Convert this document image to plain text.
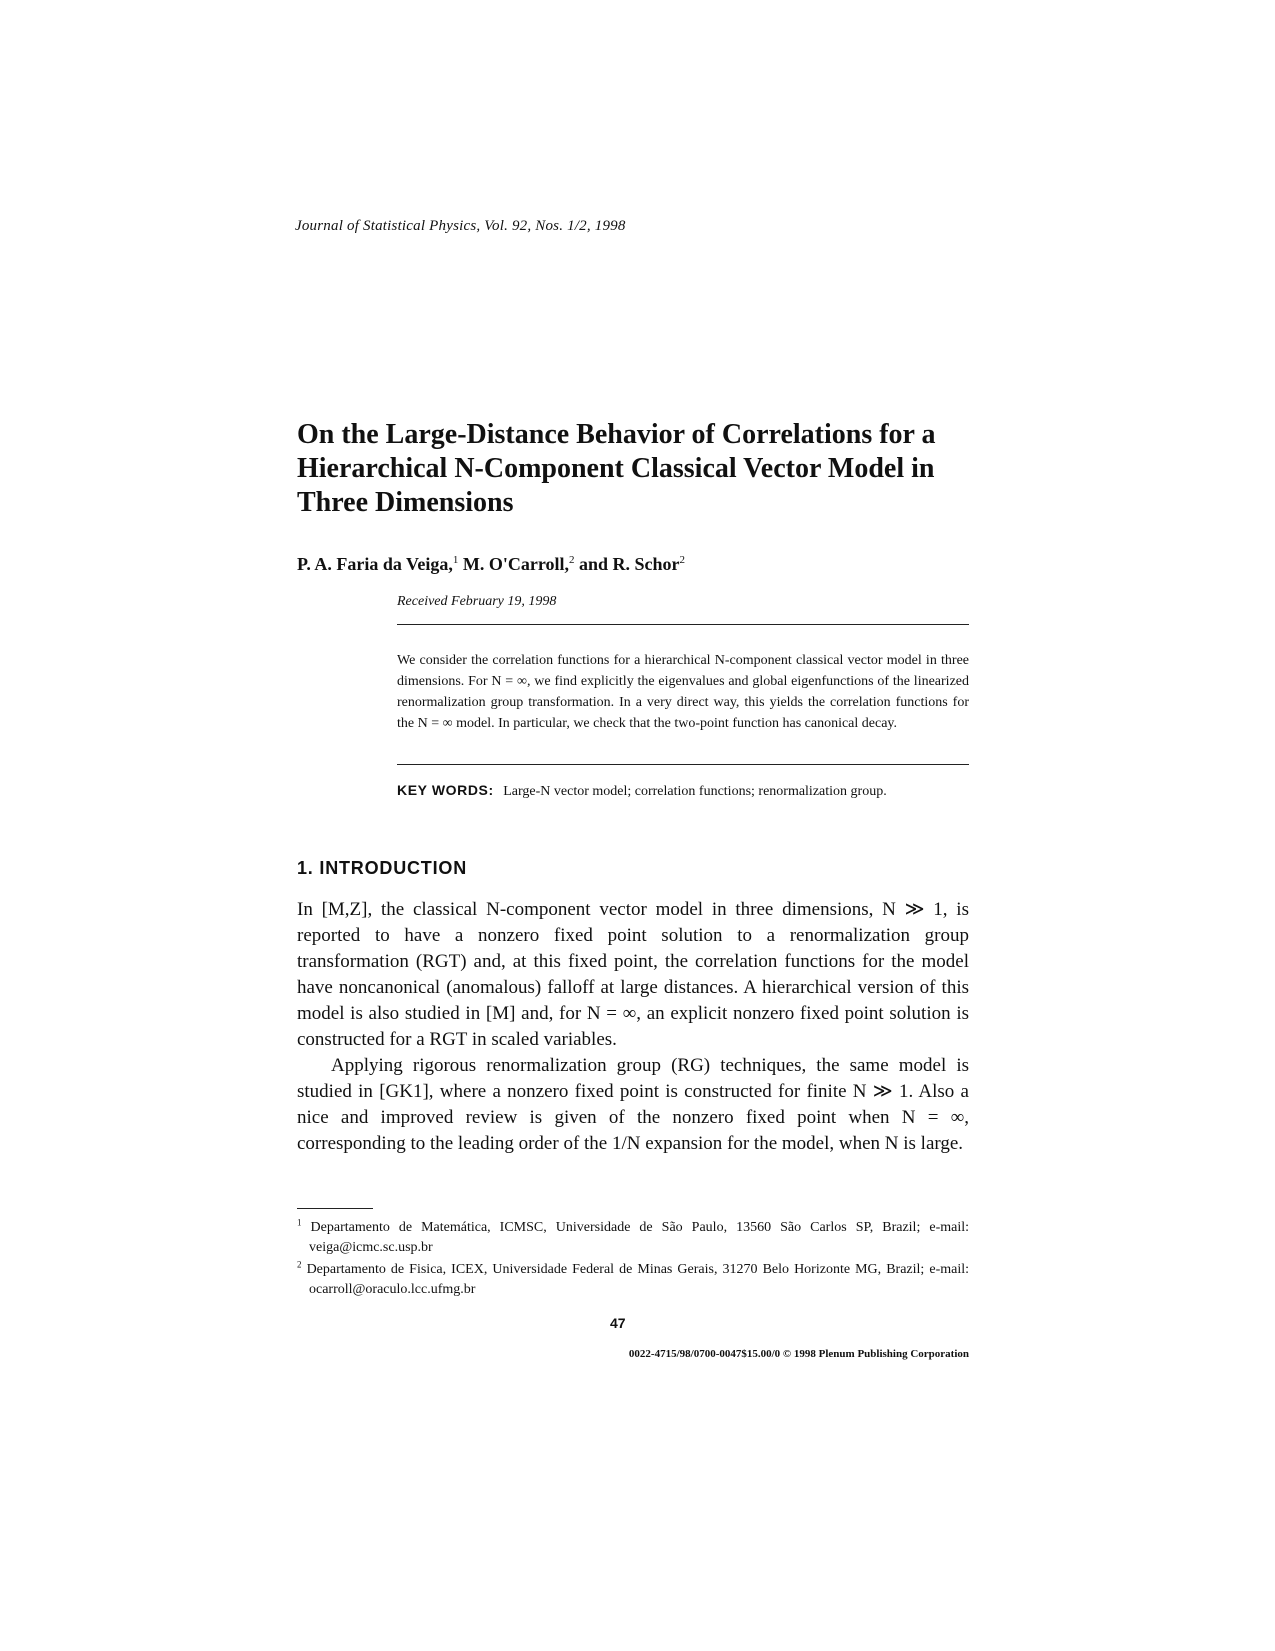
Journal of Statistical Physics, Vol. 92, Nos. 1/2, 1998
On the Large-Distance Behavior of Correlations for a Hierarchical N-Component Classical Vector Model in Three Dimensions
P. A. Faria da Veiga,$^1$ M. O'Carroll,$^2$ and R. Schor$^2$
Received February 19, 1998

We consider the correlation functions for a hierarchical N-component classical vector model in three dimensions. For N = ∞, we find explicitly the eigenvalues and global eigenfunctions of the linearized renormalization group transformation. In a very direct way, this yields the correlation functions for the N = ∞ model. In particular, we check that the two-point function has canonical decay.

KEY WORDS: Large-N vector model; correlation functions; renormalization group.
1. INTRODUCTION

In [M,Z], the classical N-component vector model in three dimensions, N ≫ 1, is reported to have a nonzero fixed point solution to a renormalization group transformation (RGT) and, at this fixed point, the correlation functions for the model have noncanonical (anomalous) falloff at large distances. A hierarchical version of this model is also studied in [M] and, for N = ∞, an explicit nonzero fixed point solution is constructed for a RGT in scaled variables.

Applying rigorous renormalization group (RG) techniques, the same model is studied in [GK1], where a nonzero fixed point is constructed for finite N ≫ 1. Also a nice and improved review is given of the nonzero fixed point when N = ∞, corresponding to the leading order of the 1/N expansion for the model, when N is large.

$^1$ Departamento de Matemática, ICMSC, Universidade de São Paulo, 13560 São Carlos SP, Brazil; e-mail: veiga@icmc.sc.usp.br

$^2$ Departamento de Fisica, ICEX, Universidade Federal de Minas Gerais, 31270 Belo Horizonte MG, Brazil; e-mail: ocarroll@oraculo.lcc.ufmg.br

47
0022-4715/98/0700-0047$15.00/0 © 1998 Plenum Publishing Corporation
